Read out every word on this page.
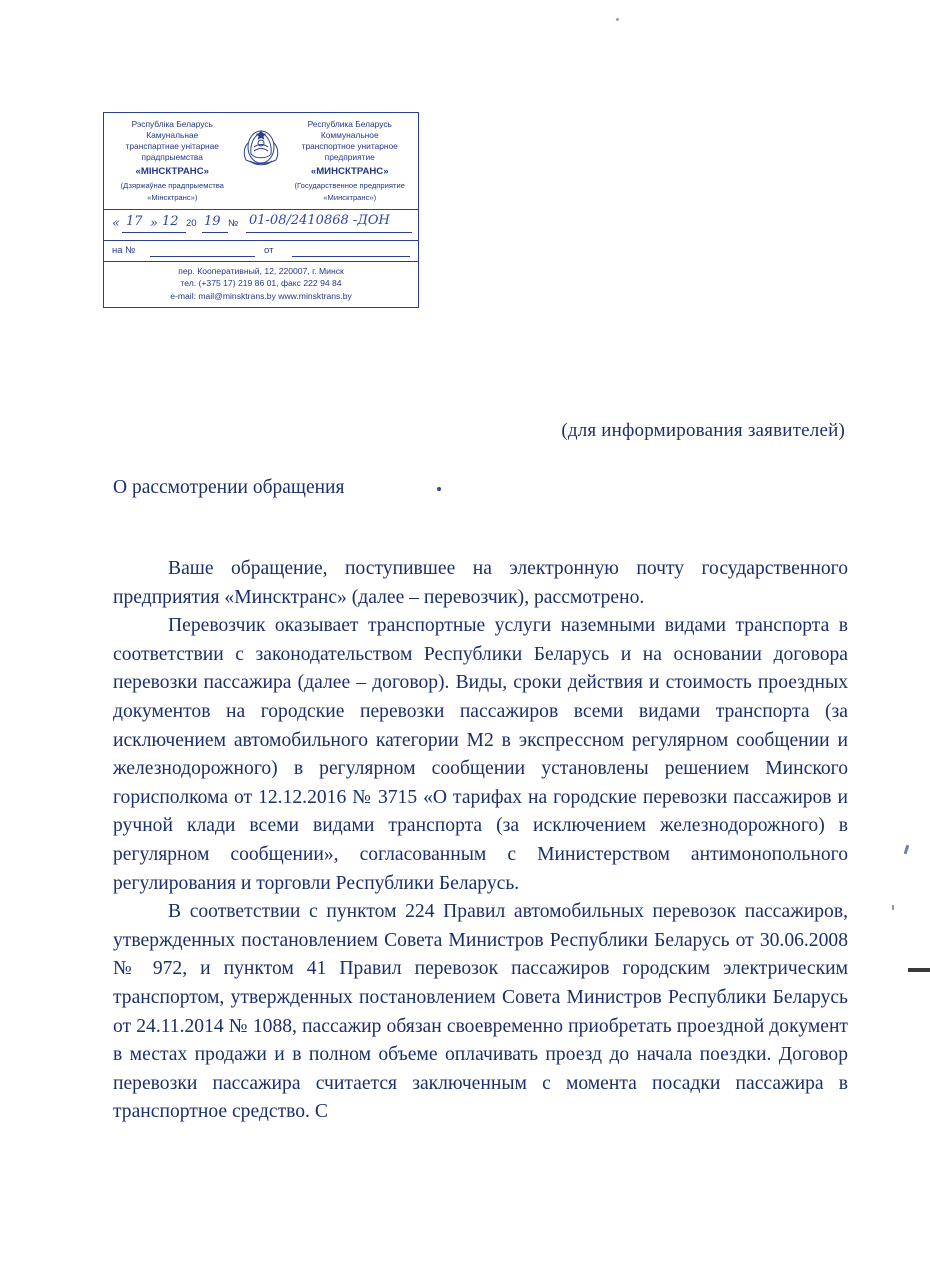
Рэспубліка Беларусь
Камунальнае
транспартнае унітарнае
прадпрыемства
«МІНСКТРАНС»
(Дзяржаўнае прадпрыемства
«Мінсктранс»)
Республика Беларусь
Коммунальное
транспортное унитарное
предприятие
«МИНСКТРАНС»
(Государственное предприятие
«Минсктранс»)
« 17 » 12 20 19 № 01-08/2410868 -ДОН
на №	от
пер. Кооперативный, 12, 220007, г. Минск
тел. (+375 17) 219 86 01, факс 222 94 84
e-mail: mail@minsktrans.by www.minsktrans.by
(для информирования заявителей)
О рассмотрении обращения

Ваше обращение, поступившее на электронную почту государственного предприятия «Минсктранс» (далее – перевозчик), рассмотрено.

Перевозчик оказывает транспортные услуги наземными видами транспорта в соответствии с законодательством Республики Беларусь и на основании договора перевозки пассажира (далее – договор). Виды, сроки действия и стоимость проездных документов на городские перевозки пассажиров всеми видами транспорта (за исключением автомобильного категории М2 в экспрессном регулярном сообщении и железнодорожного) в регулярном сообщении установлены решением Минского горисполкома от 12.12.2016 № 3715 «О тарифах на городские перевозки пассажиров и ручной клади всеми видами транспорта (за исключением железнодорожного) в регулярном сообщении», согласованным с Министерством антимонопольного регулирования и торговли Республики Беларусь.

В соответствии с пунктом 224 Правил автомобильных перевозок пассажиров, утвержденных постановлением Совета Министров Республики Беларусь от 30.06.2008 № 972, и пунктом 41 Правил перевозок пассажиров городским электрическим транспортом, утвержденных постановлением Совета Министров Республики Беларусь от 24.11.2014 № 1088, пассажир обязан своевременно приобретать проездной документ в местах продажи и в полном объеме оплачивать проезд до начала поездки. Договор перевозки пассажира считается заключенным с момента посадки пассажира в транспортное средство. С
